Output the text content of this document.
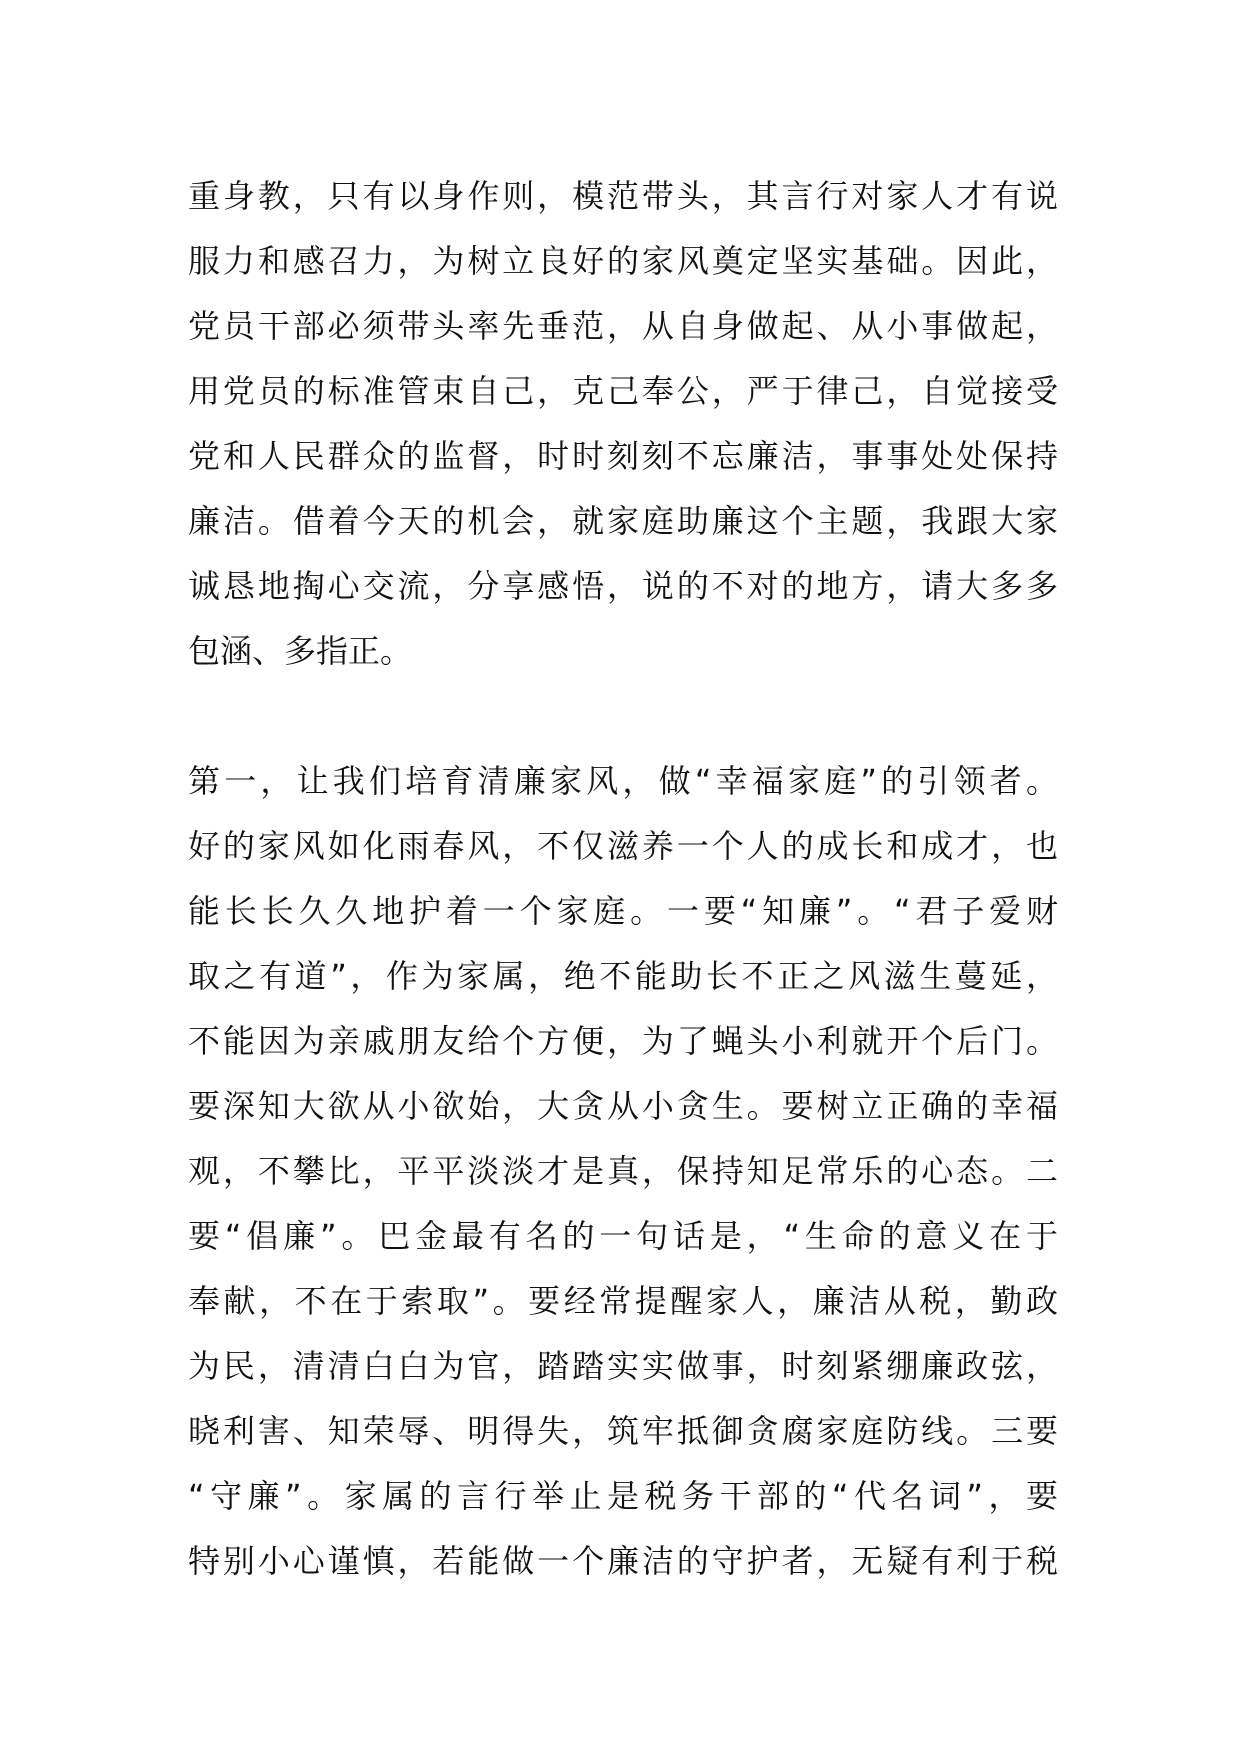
重身教，只有以身作则，模范带头，其言行对家人才有说
服力和感召力，为树立良好的家风奠定坚实基础。因此，
党员干部必须带头率先垂范，从自身做起、从小事做起，
用党员的标准管束自己，克己奉公，严于律己，自觉接受
党和人民群众的监督，时时刻刻不忘廉洁，事事处处保持
廉洁。借着今天的机会，就家庭助廉这个主题，我跟大家
诚恳地掏心交流，分享感悟，说的不对的地方，请大多多
包涵、多指正。
第一，让我们培育清廉家风，做“幸福家庭”的引领者。
好的家风如化雨春风，不仅滋养一个人的成长和成才，也
能长长久久地护着一个家庭。一要“知廉”。“君子爱财
取之有道”，作为家属，绝不能助长不正之风滋生蔓延，
不能因为亲戚朋友给个方便，为了蝇头小利就开个后门。
要深知大欲从小欲始，大贪从小贪生。要树立正确的幸福
观，不攀比，平平淡淡才是真，保持知足常乐的心态。二
要“倡廉”。巴金最有名的一句话是，“生命的意义在于
奉献，不在于索取”。要经常提醒家人，廉洁从税，勤政
为民，清清白白为官，踏踏实实做事，时刻紧绷廉政弦，
晓利害、知荣辱、明得失，筑牢抵御贪腐家庭防线。三要
“守廉”。家属的言行举止是税务干部的“代名词”，要
特别小心谨慎，若能做一个廉洁的守护者，无疑有利于税
